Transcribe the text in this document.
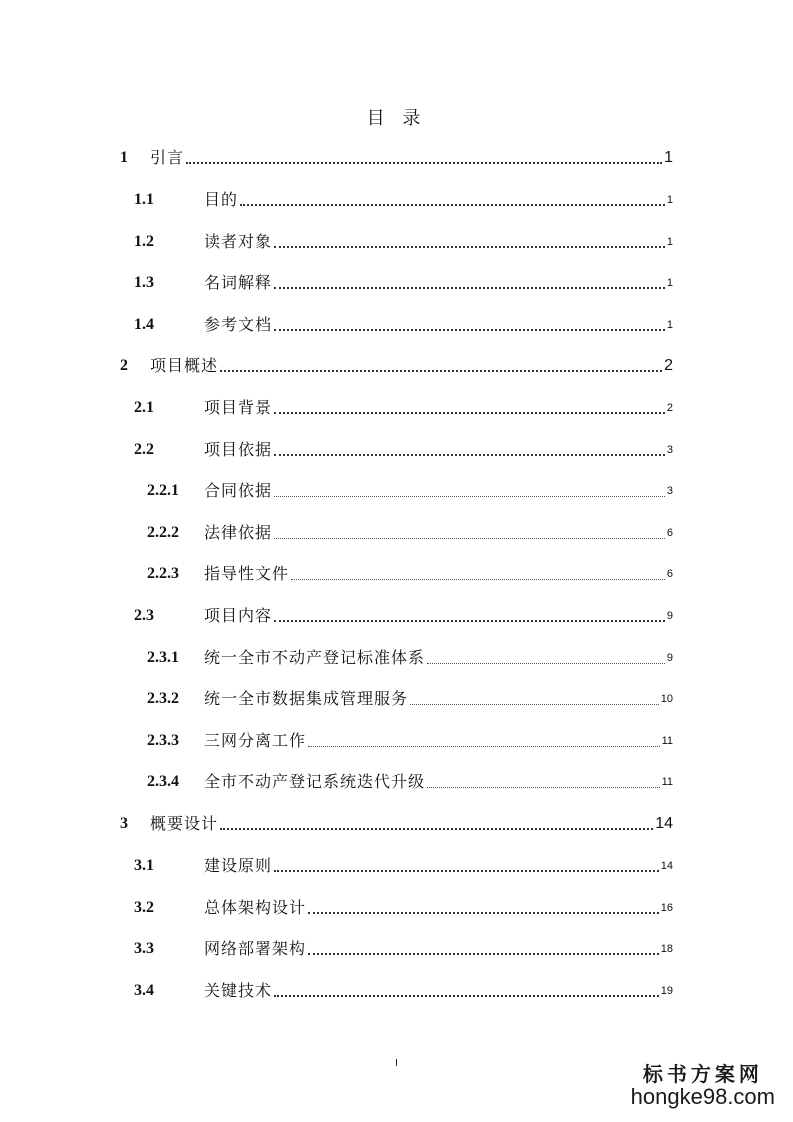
目 录
1	引言	1
1.1	目的	1
1.2	读者对象	1
1.3	名词解释	1
1.4	参考文档	1
2	项目概述	2
2.1	项目背景	2
2.2	项目依据	3
2.2.1	合同依据	3
2.2.2	法律依据	6
2.2.3	指导性文件	6
2.3	项目内容	9
2.3.1	统一全市不动产登记标准体系	9
2.3.2	统一全市数据集成管理服务	10
2.3.3	三网分离工作	11
2.3.4	全市不动产登记系统迭代升级	11
3	概要设计	14
3.1	建设原则	14
3.2	总体架构设计	16
3.3	网络部署架构	18
3.4	关键技术	19
I	标书方案网
hongke98.com
